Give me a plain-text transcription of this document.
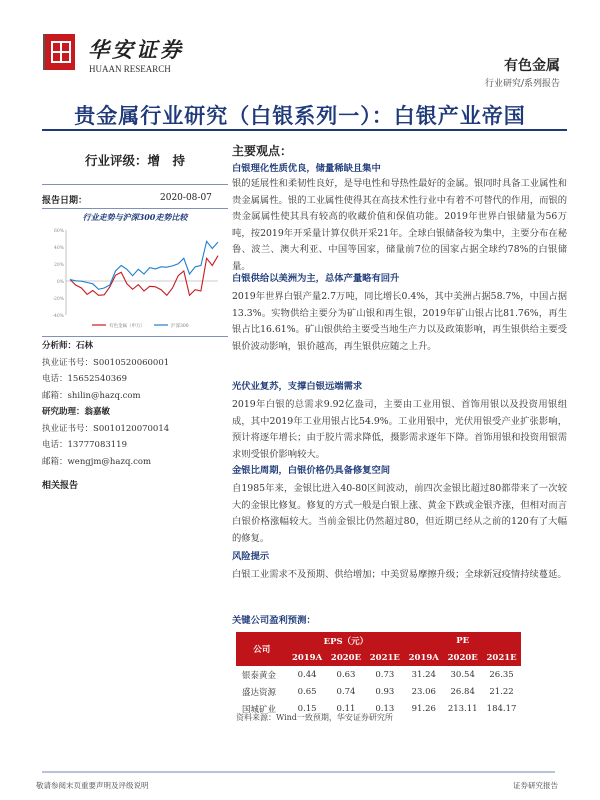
华安证券
HUAAN RESEARCH	有色金属
行业研究/系列报告
贵金属行业研究（白银系列一）：白银产业帝国
行业评级：增　持
报告日期：	2020-08-07
行业走势与沪深300走势比较
60%
40%
20%
0%
-20%
-40%
有色金属（申万）	沪深300
分析师：石林
执业证书号：S0010520060001
电话：15652540369
邮箱：shilin@hazq.com
研究助理：翁嘉敏
执业证书号：S0010120070014
电话：13777083119
邮箱：wengjm@hazq.com
相关报告
主要观点：
白银理化性质优良，储量稀缺且集中
银的延展性和柔韧性良好，是导电性和导热性最好的金属。银同时具备工业属性和贵金属属性。银的工业属性使得其在高技术性行业中有着不可替代的作用，而银的贵金属属性使其具有较高的收藏价值和保值功能。2019年世界白银储量为56万吨，按2019年开采量计算仅供开采21年。全球白银储备较为集中，主要分布在秘鲁、波兰、澳大利亚、中国等国家，储量前7位的国家占据全球约78%的白银储量。
白银供给以美洲为主，总体产量略有回升
2019年世界白银产量2.7万吨，同比增长0.4%，其中美洲占据58.7%，中国占据13.3%。实物供给主要分为矿山银和再生银，2019年矿山银占比81.76%，再生银占比16.61%。矿山银供给主要受当地生产力以及政策影响，再生银供给主要受银价波动影响，银价越高，再生银供应随之上升。
光伏业复苏，支撑白银远端需求
2019年白银的总需求9.92亿盎司，主要由工业用银、首饰用银以及投资用银组成，其中2019年工业用银占比54.9%。工业用银中，光伏用银受产业扩张影响，预计将逐年增长；由于胶片需求降低，摄影需求逐年下降。首饰用银和投资用银需求则受银价影响较大。
金银比周期，白银价格仍具备修复空间
自1985年来，金银比进入40-80区间波动，前四次金银比超过80都带来了一次较大的金银比修复。修复的方式一般是白银上涨、黄金下跌或金银齐涨，但相对而言白银价格涨幅较大。当前金银比仍然超过80，但近期已经从之前的120有了大幅的修复。
风险提示
白银工业需求不及预期、供给增加；中美贸易摩擦升级；全球新冠疫情持续蔓延。
关键公司盈利预测：
公司	EPS（元）			PE		
	2019A	2020E	2021E	2019A	2020E	2021E
银泰黄金	0.44	0.63	0.73	31.24	30.54	26.35
盛达资源	0.65	0.74	0.93	23.06	26.84	21.22
国城矿业	0.15	0.11	0.13	91.26	213.11	184.17
资料来源：Wind一致预期，华安证券研究所
敬请参阅末页重要声明及评级说明	证券研究报告
